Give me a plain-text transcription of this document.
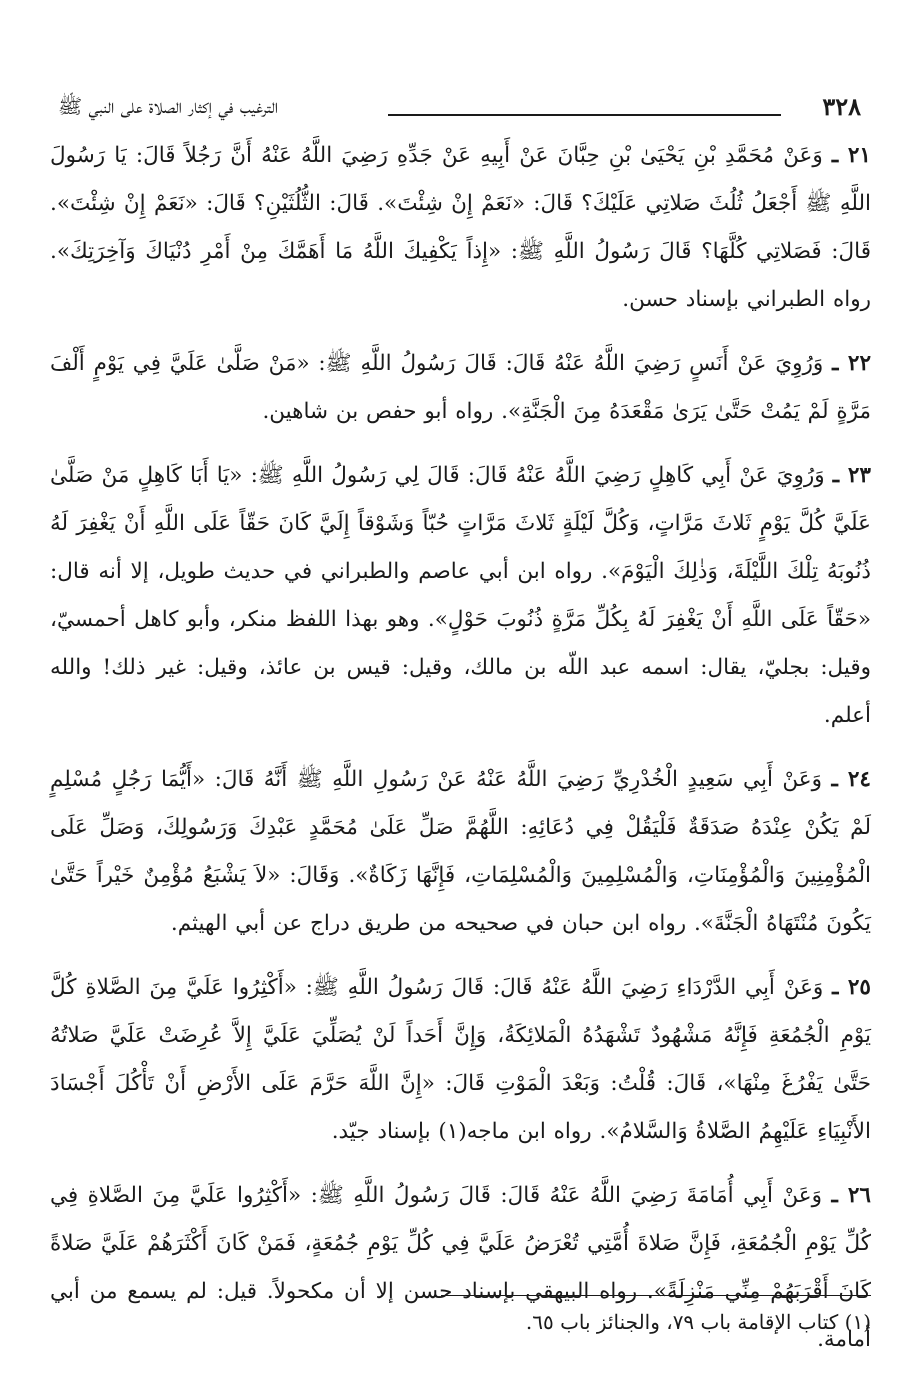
٣٢٨
الترغيب في إكثار الصلاة على النبي ﷺ

٢١ ـ وَعَنْ مُحَمَّدِ بْنِ يَحْيَىٰ بْنِ حِبَّانَ عَنْ أَبِيهِ عَنْ جَدِّهِ رَضِيَ اللَّهُ عَنْهُ أَنَّ رَجُلاً قَالَ: يَا رَسُولَ اللَّهِ ﷺ أَجْعَلُ ثُلُثَ صَلاتِي عَلَيْكَ؟ قَالَ: «نَعَمْ إِنْ شِئْتَ». قَالَ: الثُّلُثَيْنِ؟ قَالَ: «نَعَمْ إِنْ شِئْتَ». قَالَ: فَصَلاتِي كُلَّهَا؟ قَالَ رَسُولُ اللَّهِ ﷺ: «إِذاً يَكْفِيكَ اللَّهُ مَا أَهَمَّكَ مِنْ أَمْرِ دُنْيَاكَ وَآخِرَتِكَ». رواه الطبراني بإسناد حسن.

٢٢ ـ وَرُوِيَ عَنْ أَنَسٍ رَضِيَ اللَّهُ عَنْهُ قَالَ: قَالَ رَسُولُ اللَّهِ ﷺ: «مَنْ صَلَّىٰ عَلَيَّ فِي يَوْمٍ أَلْفَ مَرَّةٍ لَمْ يَمُتْ حَتَّىٰ يَرَىٰ مَقْعَدَهُ مِنَ الْجَنَّةِ». رواه أبو حفص بن شاهين.

٢٣ ـ وَرُوِيَ عَنْ أَبِي كَاهِلٍ رَضِيَ اللَّهُ عَنْهُ قَالَ: قَالَ لِي رَسُولُ اللَّهِ ﷺ: «يَا أَبَا كَاهِلٍ مَنْ صَلَّىٰ عَلَيَّ كُلَّ يَوْمٍ ثَلاثَ مَرَّاتٍ، وَكُلَّ لَيْلَةٍ ثَلاثَ مَرَّاتٍ حُبّاً وَشَوْقاً إِلَيَّ كَانَ حَقّاً عَلَى اللَّهِ أَنْ يَغْفِرَ لَهُ ذُنُوبَهُ تِلْكَ اللَّيْلَةَ، وَذٰلِكَ الْيَوْمَ». رواه ابن أبي عاصم والطبراني في حديث طويل، إلا أنه قال: «حَقّاً عَلَى اللَّهِ أَنْ يَغْفِرَ لَهُ بِكُلِّ مَرَّةٍ ذُنُوبَ حَوْلٍ». وهو بهذا اللفظ منكر، وأبو كاهل أحمسيّ، وقيل: بجليّ، يقال: اسمه عبد اللّه بن مالك، وقيل: قيس بن عائذ، وقيل: غير ذلك! والله أعلم.

٢٤ ـ وَعَنْ أَبِي سَعِيدٍ الْخُدْرِيِّ رَضِيَ اللَّهُ عَنْهُ عَنْ رَسُولِ اللَّهِ ﷺ أَنَّهُ قَالَ: «أَيُّمَا رَجُلٍ مُسْلِمٍ لَمْ يَكُنْ عِنْدَهُ صَدَقَةٌ فَلْيَقُلْ فِي دُعَائِهِ: اللَّهُمَّ صَلِّ عَلَىٰ مُحَمَّدٍ عَبْدِكَ وَرَسُولِكَ، وَصَلِّ عَلَى الْمُؤْمِنِينَ وَالْمُؤْمِنَاتِ، وَالْمُسْلِمِينَ وَالْمُسْلِمَاتِ، فَإِنَّهَا زَكَاةٌ». وَقَالَ: «لاَ يَشْبَعُ مُؤْمِنٌ خَيْراً حَتَّىٰ يَكُونَ مُنْتَهَاهُ الْجَنَّةَ». رواه ابن حبان في صحيحه من طريق دراج عن أبي الهيثم.

٢٥ ـ وَعَنْ أَبِي الدَّرْدَاءِ رَضِيَ اللَّهُ عَنْهُ قَالَ: قَالَ رَسُولُ اللَّهِ ﷺ: «أَكْثِرُوا عَلَيَّ مِنَ الصَّلاةِ كُلَّ يَوْمِ الْجُمُعَةِ فَإِنَّهُ مَشْهُودٌ تَشْهَدُهُ الْمَلائِكَةُ، وَإِنَّ أَحَداً لَنْ يُصَلِّيَ عَلَيَّ إِلاَّ عُرِضَتْ عَلَيَّ صَلاتُهُ حَتَّىٰ يَفْرُغَ مِنْهَا»، قَالَ: قُلْتُ: وَبَعْدَ الْمَوْتِ قَالَ: «إِنَّ اللَّهَ حَرَّمَ عَلَى الأَرْضِ أَنْ تَأْكُلَ أَجْسَادَ الأَنْبِيَاءِ عَلَيْهِمُ الصَّلاةُ وَالسَّلامُ». رواه ابن ماجه(١) بإسناد جيّد.

٢٦ ـ وَعَنْ أَبِي أُمَامَةَ رَضِيَ اللَّهُ عَنْهُ قَالَ: قَالَ رَسُولُ اللَّهِ ﷺ: «أَكْثِرُوا عَلَيَّ مِنَ الصَّلاةِ فِي كُلِّ يَوْمِ الْجُمُعَةِ، فَإِنَّ صَلاةَ أُمَّتِي تُعْرَضُ عَلَيَّ فِي كُلِّ يَوْمِ جُمُعَةٍ، فَمَنْ كَانَ أَكْثَرَهُمْ عَلَيَّ صَلاةً كَانَ أَقْرَبَهُمْ مِنِّي مَنْزِلَةً». رواه البيهقي بإسناد حسن إلا أن مكحولاً. قيل: لم يسمع من أبي أمامة.

(١) كتاب الإقامة باب ٧٩، والجنائز باب ٦٥.
